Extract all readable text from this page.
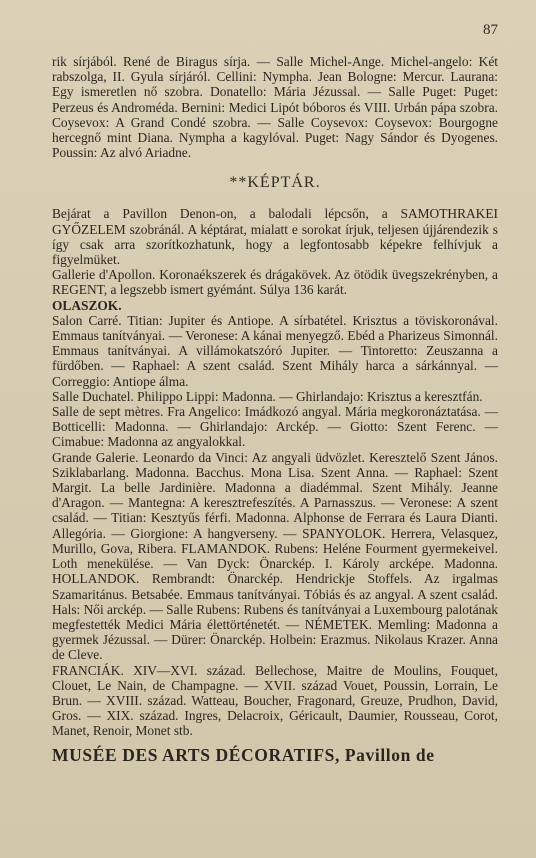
87

rik sírjából. René de Biragus sírja. — Salle Michel-Ange. Michel-angelo: Két rabszolga, II. Gyula sírjáról. Cellini: Nympha. Jean Bologne: Mercur. Laurana: Egy ismeretlen nő szobra. Donatello: Mária Jézussal. — Salle Puget: Puget: Perzeus és Androméda. Bernini: Medici Lipót bóboros és VIII. Urbán pápa szobra. Coysevox: A Grand Condé szobra. — Salle Coysevox: Coysevox: Bourgogne hercegnő mint Diana. Nympha a kagylóval. Puget: Nagy Sándor és Dyogenes. Poussin: Az alvó Ariadne.

**KÉPTÁR.

Bejárat a Pavillon Denon-on, a balodali lépcsőn, a SAMOTHRAKEI GYŐZELEM szobránál. A képtárat, mialatt e sorokat írjuk, teljesen újjárendezik s így csak arra szorítkozhatunk, hogy a legfontosabb képekre felhívjuk a figyelmüket.

Gallerie d'Apollon. Koronaékszerek és drágakövek. Az ötödik üvegszekrényben, a REGENT, a legszebb ismert gyémánt. Súlya 136 karát.

OLASZOK.

Salon Carré. Titian: Jupiter és Antiope. A sírbatétel. Krisztus a töviskoronával. Emmaus tanítványai. — Veronese: A kánai menyegző. Ebéd a Pharizeus Simonnál. Emmaus tanítványai. A villámokatszóró Jupiter. — Tintoretto: Zeuszanna a fürdőben. — Raphael: A szent család. Szent Mihály harca a sárkánnyal. — Correggio: Antiope álma.

Salle Duchatel. Philippo Lippi: Madonna. — Ghirlandajo: Krisztus a keresztfán.

Salle de sept mètres. Fra Angelico: Imádkozó angyal. Mária megkoronáztatása. — Botticelli: Madonna. — Ghirlandajo: Arckép. — Giotto: Szent Ferenc. — Cimabue: Madonna az angyalokkal.

Grande Galerie. Leonardo da Vinci: Az angyali üdvözlet. Keresztelő Szent János. Sziklabarlang. Madonna. Bacchus. Mona Lisa. Szent Anna. — Raphael: Szent Margit. La belle Jardinière. Madonna a diadémmal. Szent Mihály. Jeanne d'Aragon. — Mantegna: A keresztrefeszítés. A Parnasszus. — Veronese: A szent család. — Titian: Kesztyűs férfi. Madonna. Alphonse de Ferrara és Laura Dianti. Allegória. — Giorgione: A hangverseny. — SPANYOLOK. Herrera, Velasquez, Murillo, Gova, Ribera. FLAMANDOK. Rubens: Heléne Fourment gyermekeivel. Loth menekülése. — Van Dyck: Önarckép. I. Károly arcképe. Madonna. HOLLANDOK. Rembrandt: Önarckép. Hendrickje Stoffels. Az irgalmas Szamaritánus. Betsabée. Emmaus tanítványai. Tóbiás és az angyal. A szent család. Hals: Női arckép. — Salle Rubens: Rubens és tanítványai a Luxembourg palotának megfestették Medici Mária élettörténetét. — NÉMETEK. Memling: Madonna a gyermek Jézussal. — Dürer: Önarckép. Holbein: Erazmus. Nikolaus Krazer. Anna de Cleve.

FRANCIÁK. XIV—XVI. század. Bellechose, Maitre de Moulins, Fouquet, Clouet, Le Nain, de Champagne. — XVII. század Vouet, Poussin, Lorrain, Le Brun. — XVIII. század. Watteau, Boucher, Fragonard, Greuze, Prudhon, David, Gros. — XIX. század. Ingres, Delacroix, Géricault, Daumier, Rousseau, Corot, Manet, Renoir, Monet stb.

MUSÉE DES ARTS DÉCORATIFS, Pavillon de
